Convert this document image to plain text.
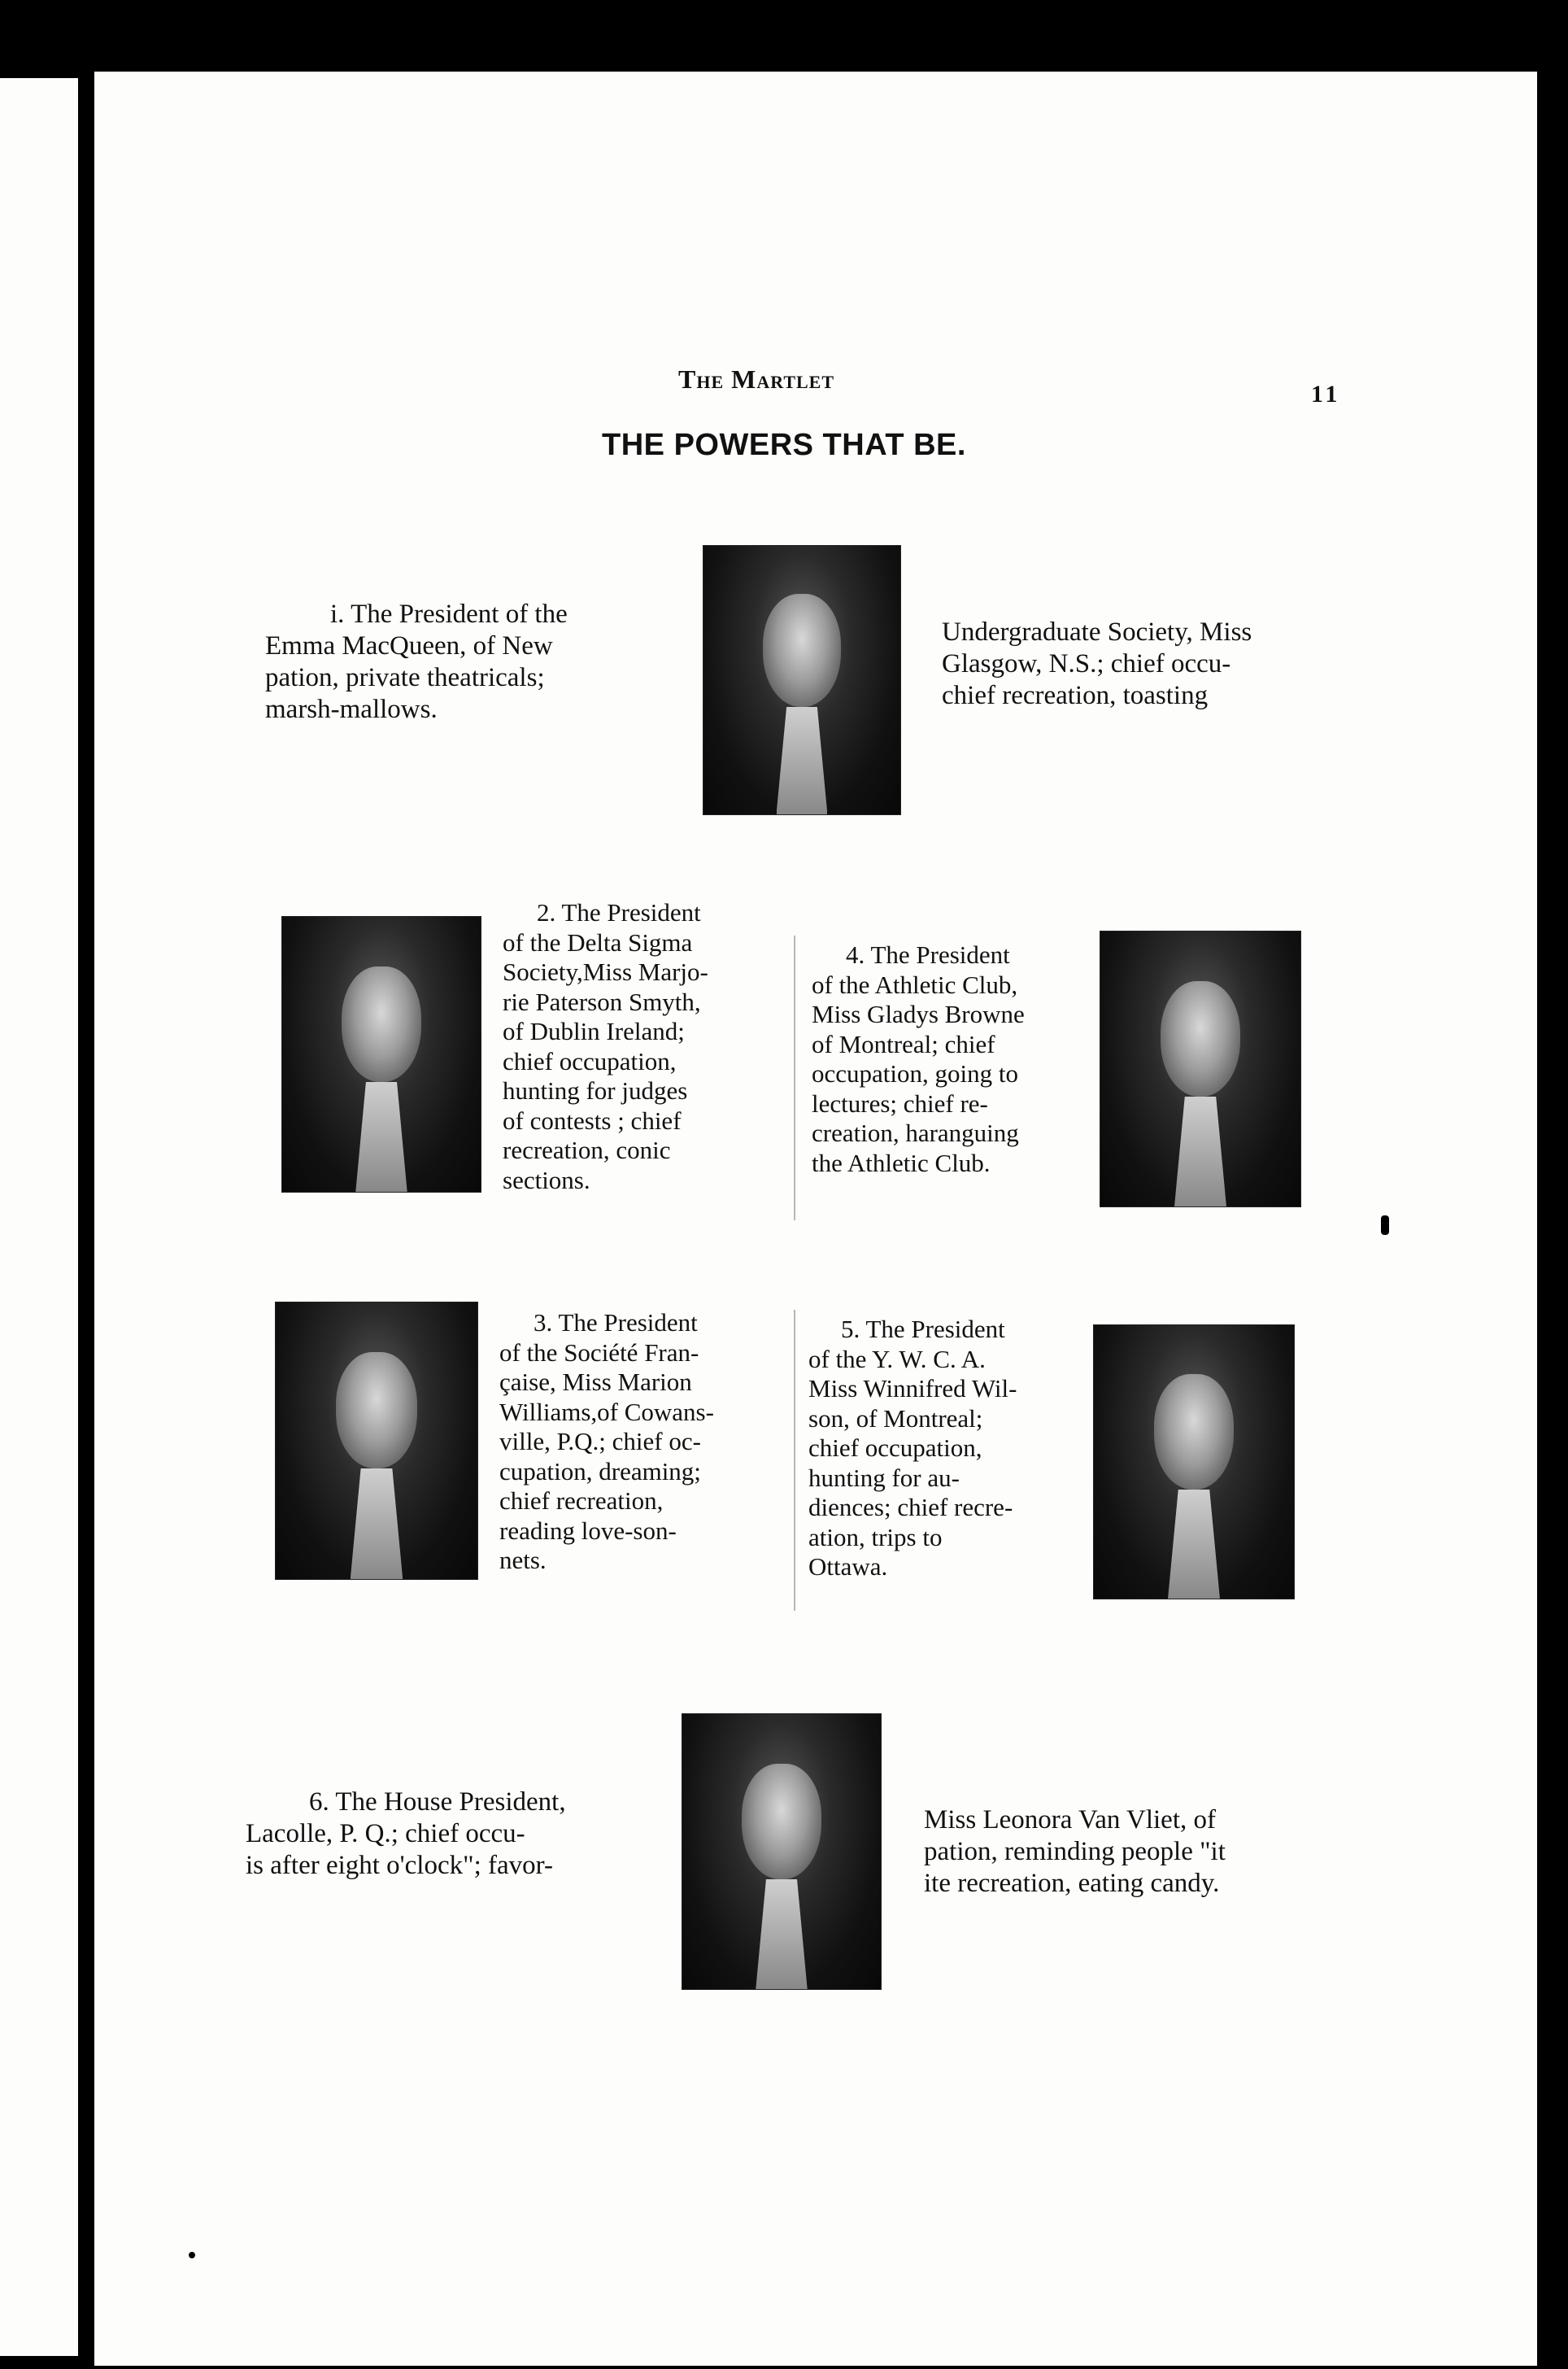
The Martlet
11
THE POWERS THAT BE.
i. The President of the
Emma MacQueen, of New
pation, private theatricals;
marsh-mallows.
Undergraduate Society, Miss
Glasgow, N.S.; chief occu-
chief recreation, toasting
2. The President
of the Delta Sigma
Society,Miss Marjo-
rie Paterson Smyth,
of Dublin Ireland;
chief occupation,
hunting for judges
of contests ; chief
recreation, conic
sections.
4. The President
of the Athletic Club,
Miss Gladys Browne
of Montreal; chief
occupation, going to
lectures; chief re-
creation, haranguing
the Athletic Club.
3. The President
of the Société Fran-
çaise, Miss Marion
Williams,of Cowans-
ville, P.Q.; chief oc-
cupation, dreaming;
chief recreation,
reading love-son-
nets.
5. The President
of the Y. W. C. A.
Miss Winnifred Wil-
son, of Montreal;
chief occupation,
hunting for au-
diences; chief recre-
ation, trips to
Ottawa.
6. The House President,
Lacolle, P. Q.; chief occu-
is after eight o'clock"; favor-
Miss Leonora Van Vliet, of
pation, reminding people "it
ite recreation, eating candy.
